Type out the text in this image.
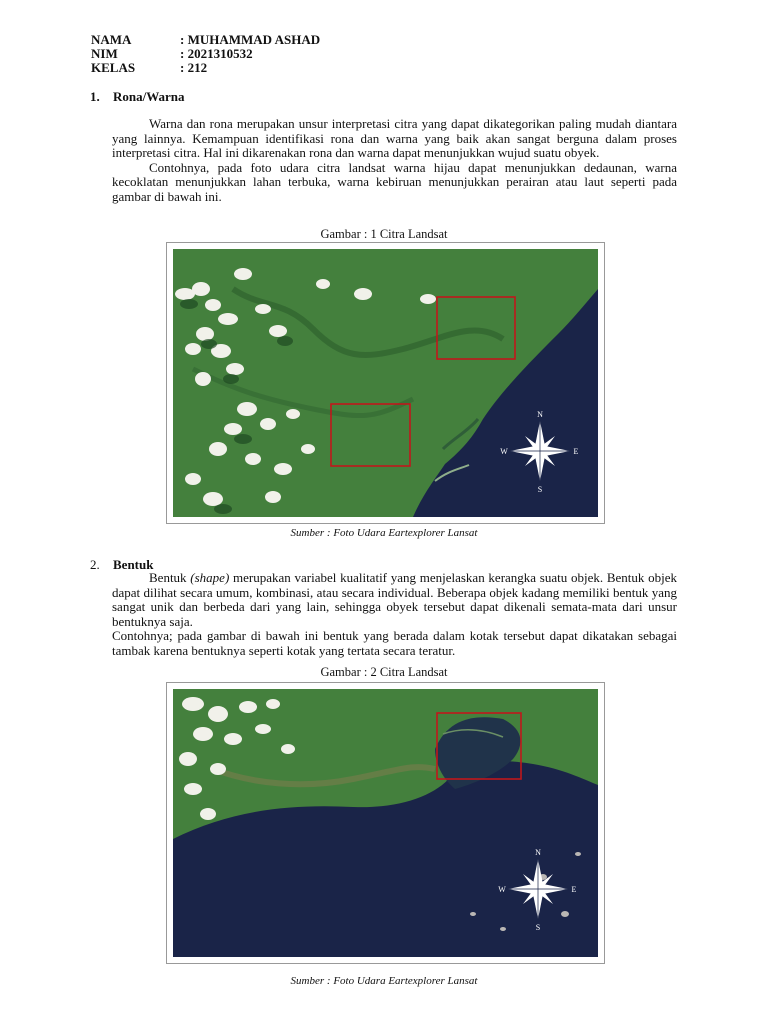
NAMA	: MUHAMMAD ASHAD
NIM	: 2021310532
KELAS	: 212
1. Rona/Warna

Warna dan rona merupakan unsur interpretasi citra yang dapat dikategorikan paling mudah diantara yang lainnya. Kemampuan identifikasi rona dan warna yang baik akan sangat berguna dalam proses interpretasi citra. Hal ini dikarenakan rona dan warna dapat menunjukkan wujud suatu obyek.

Contohnya, pada foto udara citra landsat warna hijau dapat menunjukkan dedaunan, warna kecoklatan menunjukkan lahan terbuka, warna kebiruan menunjukkan perairan atau laut seperti pada gambar di bawah ini.

Gambar : 1 Citra Landsat
N
S
E
W
Sumber : Foto Udara Eartexplorer Lansat
2. Bentuk

Bentuk (shape) merupakan variabel kualitatif yang menjelaskan kerangka suatu objek. Bentuk objek dapat dilihat secara umum, kombinasi, atau secara individual. Beberapa objek kadang memiliki bentuk yang sangat unik dan berbeda dari yang lain, sehingga obyek tersebut dapat dikenali semata-mata dari unsur bentuknya saja.

Contohnya; pada gambar di bawah ini bentuk yang berada dalam kotak tersebut dapat dikatakan sebagai tambak karena bentuknya seperti kotak yang tertata secara teratur.

Gambar : 2 Citra Landsat
N
S
E
W
Sumber : Foto Udara Eartexplorer Lansat
